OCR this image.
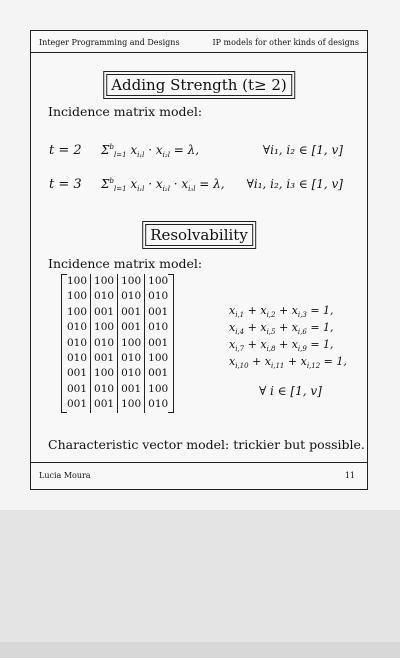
Integer Programming and Designs	IP models for other kinds of designs
Adding Strength (t≥ 2)
Incidence matrix model:
t = 2 $\Sigma^b_{l=1}$ $x_{i_1l} \cdot x_{i_2l} = \lambda$,	∀i₁, i₂ ∈ [1, v]
t = 3 $\Sigma^b_{l=1}$ $x_{i_1l} \cdot x_{i_2l} \cdot x_{i_3l} = \lambda$, ∀i₁, i₂, i₃ ∈ [1, v]
Resolvability
Incidence matrix model:
100	100	100	100
100	010	010	010
100	001	001	001
010	100	001	010
010	010	100	001
010	001	010	100
001	100	010	001
001	010	001	100
001	001	100	010
$x_{i,1} + x_{i,2} + x_{i,3} = 1$,
$x_{i,4} + x_{i,5} + x_{i,6} = 1$,
$x_{i,7} + x_{i,8} + x_{i,9} = 1$,
$x_{i,10} + x_{i,11} + x_{i,12} = 1$,
∀ i ∈ [1, v]
Characteristic vector model: trickier but possible.
Lucia Moura	11
